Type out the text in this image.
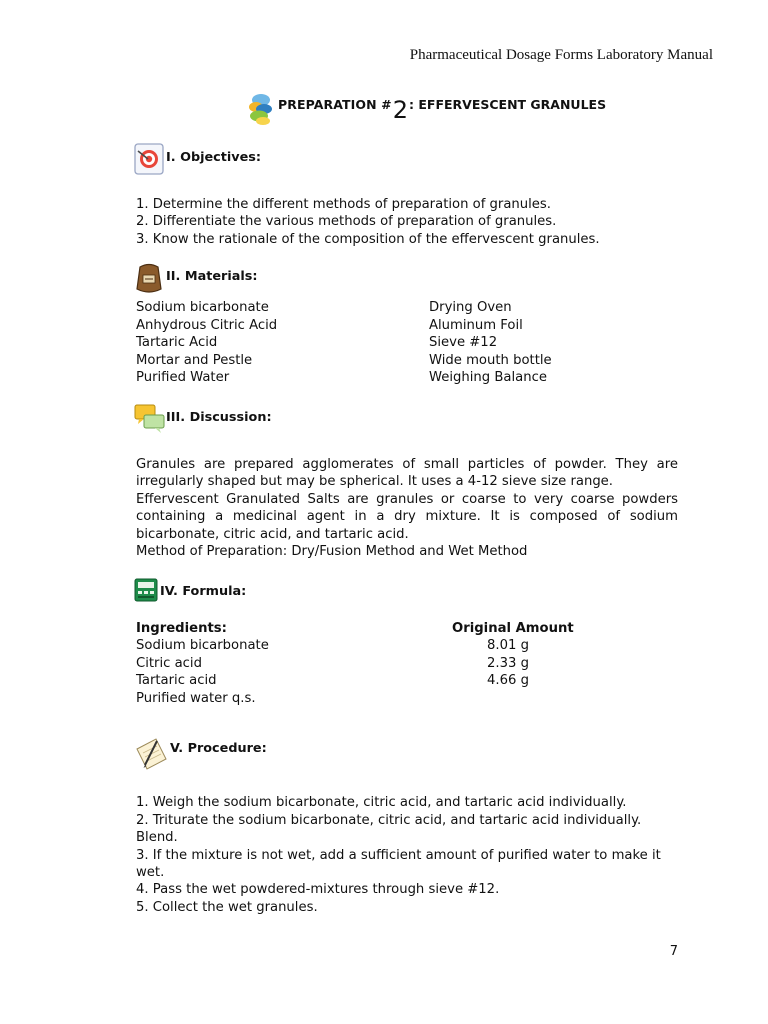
Pharmaceutical Dosage Forms Laboratory Manual
PREPARATION # 2 : EFFERVESCENT GRANULES
I. Objectives:
1. Determine the different methods of preparation of granules.
2. Differentiate the various methods of preparation of granules.
3. Know the rationale of the composition of the effervescent granules.
II. Materials:
Sodium bicarbonate
Anhydrous Citric Acid
Tartaric Acid
Mortar and Pestle
Purified Water
Drying Oven
Aluminum Foil
Sieve #12
Wide mouth bottle
Weighing Balance
III. Discussion:
Granules are prepared agglomerates of small particles of powder. They are irregularly shaped but may be spherical. It uses a 4-12 sieve size range.
Effervescent Granulated Salts are granules or coarse to very coarse powders containing a medicinal agent in a dry mixture. It is composed of sodium bicarbonate, citric acid, and tartaric acid.
Method of Preparation: Dry/Fusion Method and Wet Method
IV. Formula:
Ingredients:	Original Amount
Sodium bicarbonate	8.01 g
Citric acid	2.33 g
Tartaric acid	4.66 g
Purified water q.s.
V. Procedure:
1. Weigh the sodium bicarbonate, citric acid, and tartaric acid individually.
2. Triturate the sodium bicarbonate, citric acid, and tartaric acid individually. Blend.
3. If the mixture is not wet, add a sufficient amount of purified water to make it wet.
4. Pass the wet powdered-mixtures through sieve #12.
5. Collect the wet granules.
7
